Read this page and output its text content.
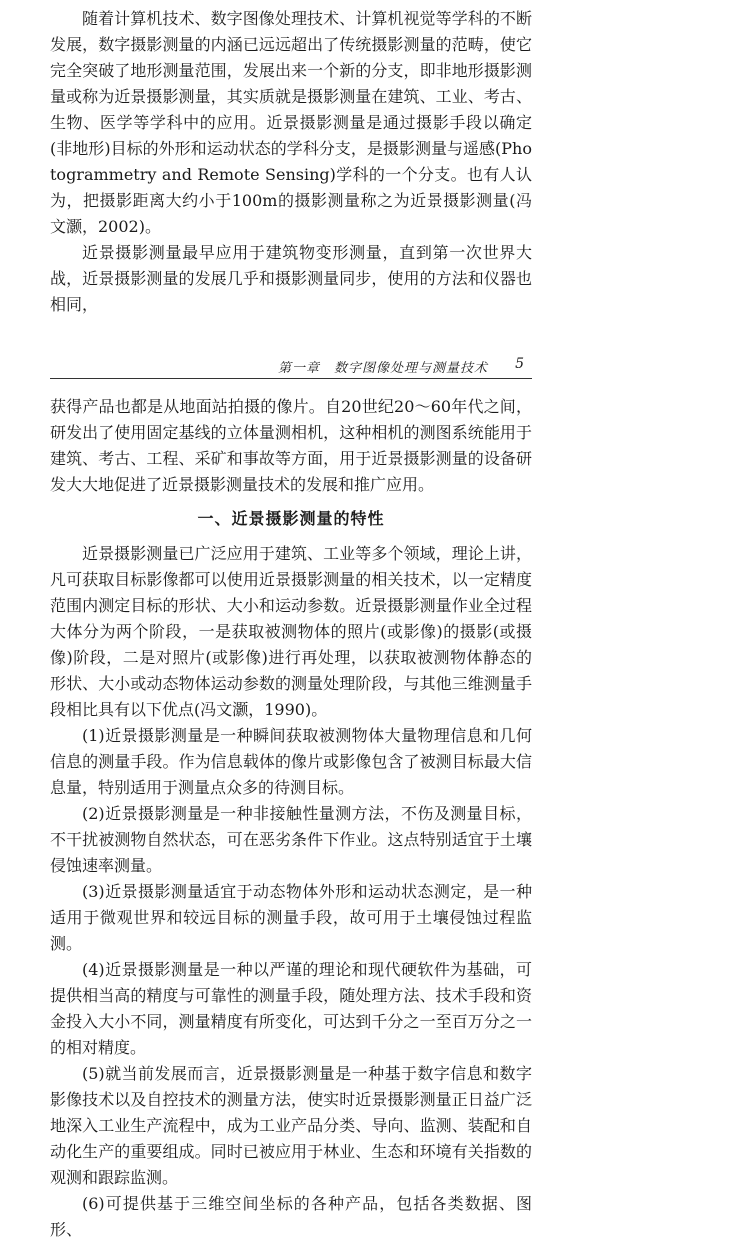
随着计算机技术、数字图像处理技术、计算机视觉等学科的不断发展，数字摄影测量的内涵已远远超出了传统摄影测量的范畴，使它完全突破了地形测量范围，发展出来一个新的分支，即非地形摄影测量或称为近景摄影测量，其实质就是摄影测量在建筑、工业、考古、生物、医学等学科中的应用。近景摄影测量是通过摄影手段以确定(非地形)目标的外形和运动状态的学科分支，是摄影测量与遥感(Photogrammetry and Remote Sensing)学科的一个分支。也有人认为，把摄影距离大约小于100m的摄影测量称之为近景摄影测量(冯文灏，2002)。

近景摄影测量最早应用于建筑物变形测量，直到第一次世界大战，近景摄影测量的发展几乎和摄影测量同步，使用的方法和仪器也相同，

第一章　数字图像处理与测量技术 5

获得产品也都是从地面站拍摄的像片。自20世纪20～60年代之间，研发出了使用固定基线的立体量测相机，这种相机的测图系统能用于建筑、考古、工程、采矿和事故等方面，用于近景摄影测量的设备研发大大地促进了近景摄影测量技术的发展和推广应用。

一、近景摄影测量的特性

近景摄影测量已广泛应用于建筑、工业等多个领域，理论上讲，凡可获取目标影像都可以使用近景摄影测量的相关技术，以一定精度范围内测定目标的形状、大小和运动参数。近景摄影测量作业全过程大体分为两个阶段，一是获取被测物体的照片(或影像)的摄影(或摄像)阶段，二是对照片(或影像)进行再处理，以获取被测物体静态的形状、大小或动态物体运动参数的测量处理阶段，与其他三维测量手段相比具有以下优点(冯文灏，1990)。

(1)近景摄影测量是一种瞬间获取被测物体大量物理信息和几何信息的测量手段。作为信息载体的像片或影像包含了被测目标最大信息量，特别适用于测量点众多的待测目标。

(2)近景摄影测量是一种非接触性量测方法，不伤及测量目标，不干扰被测物自然状态，可在恶劣条件下作业。这点特别适宜于土壤侵蚀速率测量。

(3)近景摄影测量适宜于动态物体外形和运动状态测定，是一种适用于微观世界和较远目标的测量手段，故可用于土壤侵蚀过程监测。

(4)近景摄影测量是一种以严谨的理论和现代硬软件为基础，可提供相当高的精度与可靠性的测量手段，随处理方法、技术手段和资金投入大小不同，测量精度有所变化，可达到千分之一至百万分之一的相对精度。

(5)就当前发展而言，近景摄影测量是一种基于数字信息和数字影像技术以及自控技术的测量方法，使实时近景摄影测量正日益广泛地深入工业生产流程中，成为工业产品分类、导向、监测、装配和自动化生产的重要组成。同时已被应用于林业、生态和环境有关指数的观测和跟踪监测。

(6)可提供基于三维空间坐标的各种产品，包括各类数据、图形、
